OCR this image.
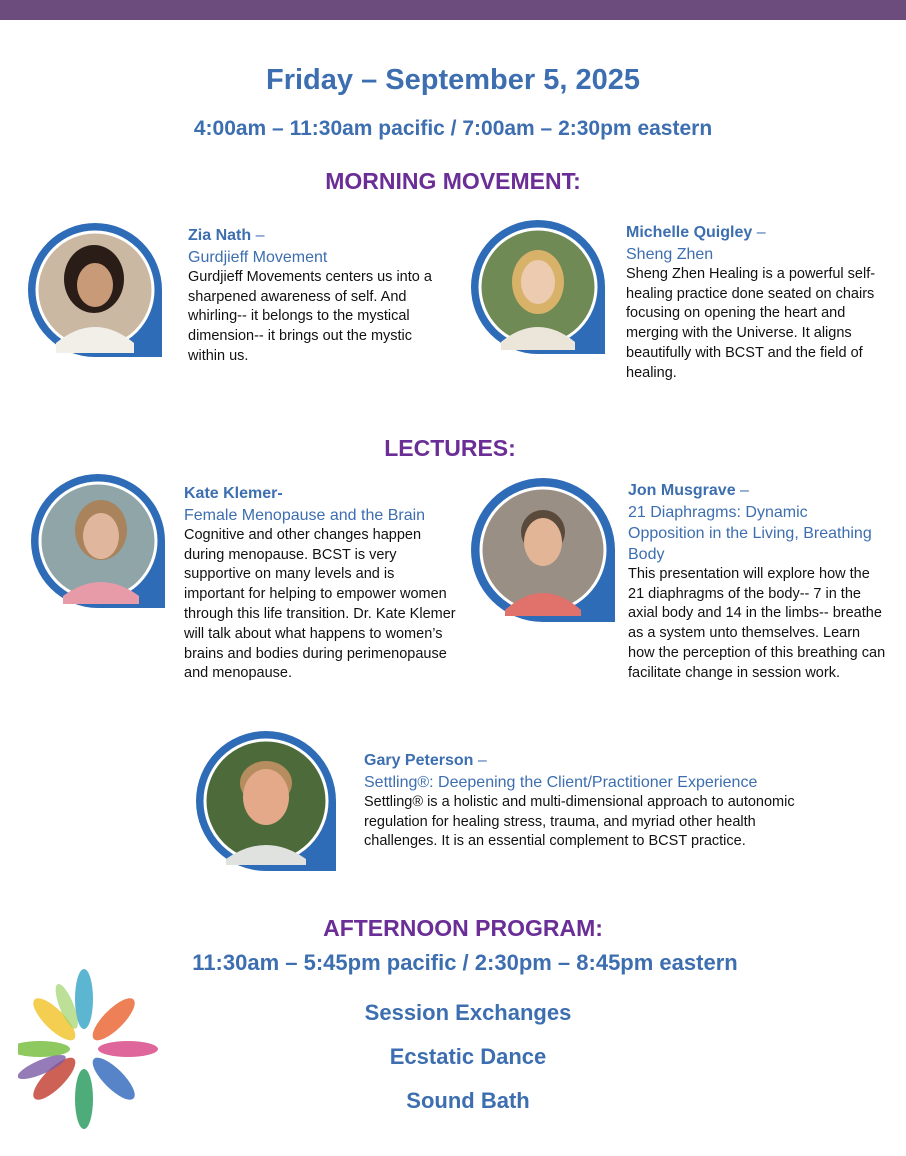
Friday – September 5, 2025
4:00am – 11:30am pacific / 7:00am – 2:30pm eastern
MORNING MOVEMENT:
Zia Nath –
Gurdjieff Movement

Gurdjieff Movements centers us into a sharpened awareness of self. And whirling-- it belongs to the mystical dimension-- it brings out the mystic within us.

Michelle Quigley –
Sheng Zhen

Sheng Zhen Healing is a powerful self-healing practice done seated on chairs focusing on opening the heart and merging with the Universe. It aligns beautifully with BCST and the field of healing.

LECTURES:
Kate Klemer-
Female Menopause and the Brain

Cognitive and other changes happen during menopause. BCST is very supportive on many levels and is important for helping to empower women through this life transition. Dr. Kate Klemer will talk about what happens to women’s brains and bodies during perimenopause and menopause.

Jon Musgrave –
21 Diaphragms: Dynamic Opposition in the Living, Breathing Body

This presentation will explore how the 21 diaphragms of the body-- 7 in the axial body and 14 in the limbs-- breathe as a system unto themselves. Learn how the perception of this breathing can facilitate change in session work.

Gary Peterson –
Settling®: Deepening the Client/Practitioner Experience

Settling® is a holistic and multi-dimensional approach to autonomic regulation for healing stress, trauma, and myriad other health challenges. It is an essential complement to BCST practice.

AFTERNOON PROGRAM:
11:30am – 5:45pm pacific / 2:30pm – 8:45pm eastern
Session Exchanges
Ecstatic Dance
Sound Bath
